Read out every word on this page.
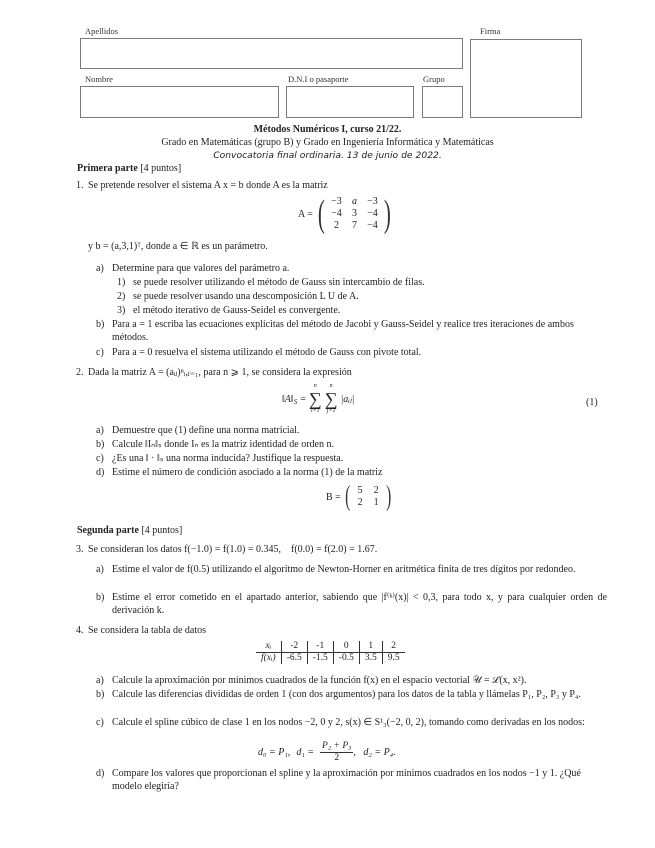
Apellidos	Firma
Nombre	D.N.I o pasaporte	Grupo
Métodos Numéricos I, curso 21/22.
Grado en Matemáticas (grupo B) y Grado en Ingeniería Informática y Matemáticas
Convocatoria final ordinaria. 13 de junio de 2022.
Primera parte [4 puntos]
1. Se pretende resolver el sistema A x = b donde A es la matriz
A = ( −3	a	−3
−4	3	−4
2	7	−4 )
y b = (a,3,1)ᵀ, donde a ∈ ℝ es un parámetro.
a) Determine para que valores del parámetro a.
1) se puede resolver utilizando el método de Gauss sin intercambio de filas.
2) se puede resolver usando una descomposición L U de A.
3) el método iterativo de Gauss-Seidel es convergente.
b) Para a = 1 escriba las ecuaciones explícitas del método de Jacobi y Gauss-Seidel y realice tres iteraciones de ambos métodos.
c) Para a = 0 resuelva el sistema utilizando el método de Gauss con pivote total.
2. Dada la matriz A = (aᵢⱼ)ⁿᵢ,ⱼ₌₁, para n ⩾ 1, se considera la expresión
$‖A‖_S$ =
n
∑
i=1
n
∑
j=1
|aᵢⱼ|	(1)
a) Demuestre que (1) define una norma matricial.
b) Calcule ‖Iₙ‖ₛ donde Iₙ es la matriz identidad de orden n.
c) ¿Es una ‖ · ‖ₛ una norma inducida? Justifique la respuesta.
d) Estime el número de condición asociado a la norma (1) de la matriz
B = ( 5	2
2	1 )
Segunda parte [4 puntos]
3. Se consideran los datos f(−1.0) = f(1.0) = 0.345,    f(0.0) = f(2.0) = 1.67.
a) Estime el valor de f(0.5) utilizando el algoritmo de Newton-Horner en aritmética finita de tres dígitos por redondeo.
b) Estime el error cometido en el apartado anterior, sabiendo que |f⁽ᵏ⁾(x)| < 0,3, para todo x, y para cualquier orden de derivación k.
4. Se considera la tabla de datos
xᵢ	-2	-1	0	1	2
f(xᵢ)	-6.5	-1.5	-0.5	3.5	9.5
a) Calcule la aproximación por mínimos cuadrados de la función f(x) en el espacio vectorial 𝒰 = ℒ(x, x²).
b) Calcule las diferencias divididas de orden 1 (con dos argumentos) para los datos de la tabla y llámelas P₁, P₂, P₃ y P₄.
c) Calcule el spline cúbico de clase 1 en los nodos −2, 0 y 2, s(x) ∈ S¹₃(−2, 0, 2), tomando como derivadas en los nodos:
d₀ = P₁, $d_1 = \frac{\text{P₂ + P₃}}{2}$ ,   d₂ = P₄.
d) Compare los valores que proporcionan el spline y la aproximación por mínimos cuadrados en los nodos −1 y 1. ¿Qué modelo elegiría?
